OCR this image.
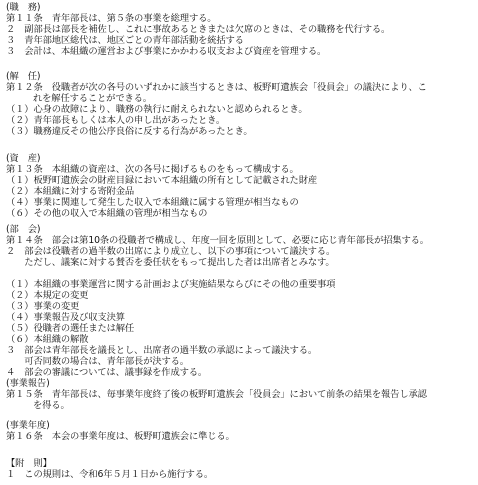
(職　務)
第１１条　青年部長は、第５条の事業を総理する。
２　副部長は部長を補佐し、これに事故あるときまたは欠席のときは、その職務を代行する。
３　青年部地区総代は、地区ごとの青年部活動を統括する
３　会計は、本組織の運営および事業にかかわる収支および資産を管理する。
(解　任)
第１２条　役職者が次の各号のいずれかに該当するときは、板野町遺族会「役員会」の議決により、こ
れを解任することができる。
（１）心身の故障により、職務の執行に耐えられないと認められるとき。
（２）青年部長もしくは本人の申し出があったとき。
（３）職務違反その他公序良俗に反する行為があったとき。
(資　産)
第１３条　本組織の資産は、次の各号に掲げるものをもって構成する。
（１）板野町遺族会の財産目録において本組織の所有として記載された財産
（２）本組織に対する寄附金品
（４）事業に関連して発生した収入で本組織に属する管理が相当なもの
（６）その他の収入で本組織の管理が相当なもの
(部　会)
第１４条　部会は第10条の役職者で構成し、年度一回を原則として、必要に応じ青年部長が招集する。
２　部会は役職者の過半数の出席により成立し、以下の事項について議決する。
　　ただし、議案に対する賛否を委任状をもって提出した者は出席者とみなす。
（１）本組織の事業運営に関する計画および実施結果ならびにその他の重要事項
（２）本規定の変更
（３）事業の変更
（４）事業報告及び収支決算
（５）役職者の選任または解任
（６）本組織の解散
３　部会は青年部長を議長とし、出席者の過半数の承認によって議決する。
　　可否同数の場合は、青年部長が決する。
４　部会の審議については、議事録を作成する。
(事業報告)
第１５条　青年部長は、毎事業年度終了後の板野町遺族会「役員会」において前条の結果を報告し承認
を得る。
(事業年度)
第１６条　本会の事業年度は、板野町遺族会に準じる。
【附　則】
１　この規則は、令和6年５月１日から施行する。
